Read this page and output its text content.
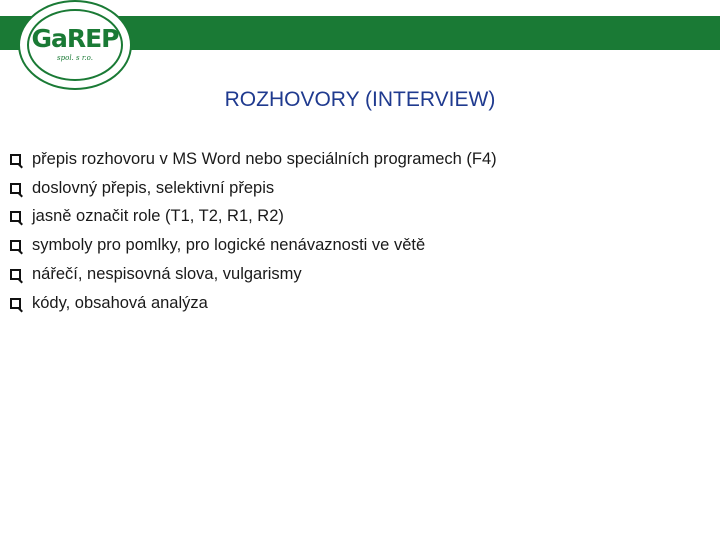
GaREP
spol. s r.o.
ROZHOVORY (INTERVIEW)
přepis rozhovoru v MS Word nebo speciálních programech (F4)
doslovný přepis, selektivní přepis
jasně označit role (T1, T2, R1, R2)
symboly pro pomlky, pro logické nenávaznosti ve větě
nářečí, nespisovná slova, vulgarismy
kódy, obsahová analýza
